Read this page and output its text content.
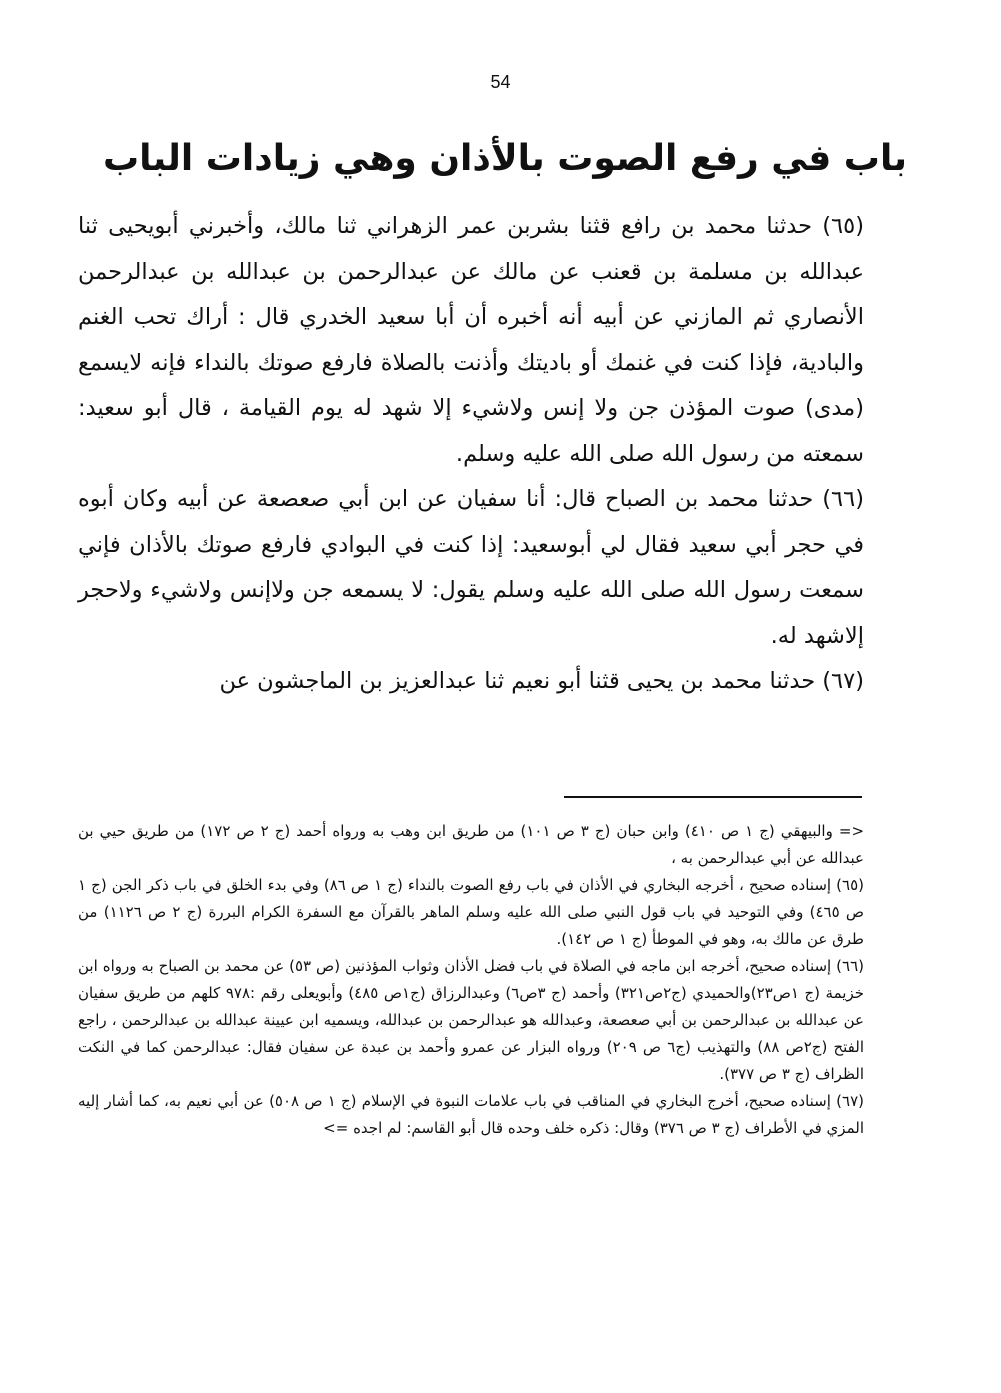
54
باب في رفع الصوت بالأذان وهي زيادات الباب

(٦٥) حدثنا محمد بن رافع قثنا بشربن عمر الزهراني ثنا مالك، وأخبرني أبويحيى ثنا عبدالله بن مسلمة بن قعنب عن مالك عن عبدالرحمن بن عبدالله بن عبدالرحمن الأنصاري ثم المازني عن أبيه أنه أخبره أن أبا سعيد الخدري قال : أراك تحب الغنم والبادية، فإذا كنت في غنمك أو باديتك وأذنت بالصلاة فارفع صوتك بالنداء فإنه لايسمع (مدى) صوت المؤذن جن ولا إنس ولاشيء إلا شهد له يوم القيامة ، قال أبو سعيد: سمعته من رسول الله صلى الله عليه وسلم.

(٦٦) حدثنا محمد بن الصباح قال: أنا سفيان عن ابن أبي صعصعة عن أبيه وكان أبوه في حجر أبي سعيد فقال لي أبوسعيد: إذا كنت في البوادي فارفع صوتك بالأذان فإني سمعت رسول الله صلى الله عليه وسلم يقول: لا يسمعه جن ولاإنس ولاشيء ولاحجر إلاشهد له.

(٦٧) حدثنا محمد بن يحيى قثنا أبو نعيم ثنا عبدالعزيز بن الماجشون عن

<= والبيهقي (ج ١ ص ٤١٠) وابن حبان (ج ٣ ص ١٠١) من طريق ابن وهب به ورواه أحمد (ج ٢ ص ١٧٢) من طريق حيي بن عبدالله عن أبي عبدالرحمن به ،

(٦٥) إسناده صحيح ، أخرجه البخاري في الأذان في باب رفع الصوت بالنداء (ج ١ ص ٨٦) وفي بدء الخلق في باب ذكر الجن (ج ١ ص ٤٦٥) وفي التوحيد في باب قول النبي صلى الله عليه وسلم الماهر بالقرآن مع السفرة الكرام البررة (ج ٢ ص ١١٢٦) من طرق عن مالك به، وهو في الموطأ (ج ١ ص ١٤٢).

(٦٦) إسناده صحيح، أخرجه ابن ماجه في الصلاة في باب فضل الأذان وثواب المؤذنين (ص ٥٣) عن محمد بن الصباح به ورواه ابن خزيمة (ج ١ص٢٣)والحميدي (ج٢ص٣٢١) وأحمد (ج ٣ص٦) وعبدالرزاق (ج١ص ٤٨٥) وأبويعلى رقم :٩٧٨ كلهم من طريق سفيان عن عبدالله بن عبدالرحمن بن أبي صعصعة، وعبدالله هو عبدالرحمن بن عبدالله، ويسميه ابن عيينة عبدالله بن عبدالرحمن ، راجع الفتح (ج٢ص ٨٨) والتهذيب (ج٦ ص ٢٠٩) ورواه البزار عن عمرو وأحمد بن عبدة عن سفيان فقال: عبدالرحمن كما في النكت الظراف (ج ٣ ص ٣٧٧).

(٦٧) إسناده صحيح، أخرج البخاري في المناقب في باب علامات النبوة في الإسلام (ج ١ ص ٥٠٨) عن أبي نعيم به، كما أشار إليه المزي في الأطراف (ج ٣ ص ٣٧٦) وقال: ذكره خلف وحده قال أبو القاسم: لم اجده =>
